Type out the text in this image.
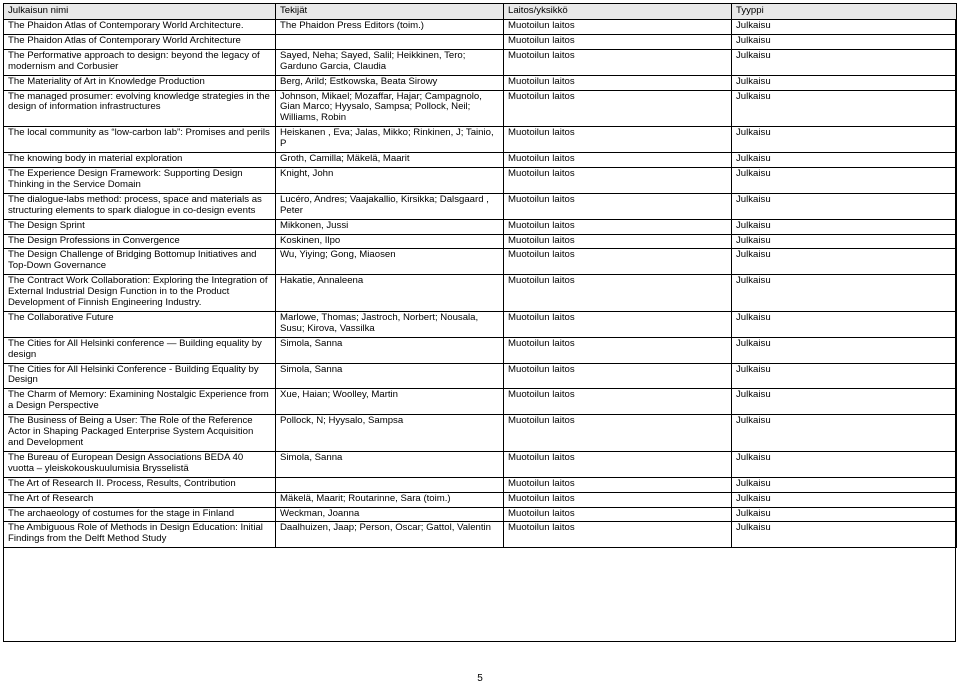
Julkaisun nimi	Tekijät	Laitos/yksikkö	Tyyppi
The Phaidon Atlas of Contemporary World Architecture.	The Phaidon Press Editors (toim.)	Muotoilun laitos	Julkaisu
The Phaidon Atlas of Contemporary World Architecture		Muotoilun laitos	Julkaisu
The Performative approach to design: beyond the legacy of modernism and Corbusier	Sayed, Neha; Sayed, Salil; Heikkinen, Tero; Garduno Garcia, Claudia	Muotoilun laitos	Julkaisu
The Materiality of Art in Knowledge Production	Berg, Arild; Estkowska, Beata Sirowy	Muotoilun laitos	Julkaisu
The managed prosumer: evolving knowledge strategies in the design of information infrastructures	Johnson, Mikael; Mozaffar, Hajar; Campagnolo, Gian Marco; Hyysalo, Sampsa; Pollock, Neil; Williams, Robin	Muotoilun laitos	Julkaisu
The local community as “low-carbon lab”: Promises and perils	Heiskanen , Eva; Jalas, Mikko; Rinkinen, J; Tainio, P	Muotoilun laitos	Julkaisu
The knowing body in material exploration	Groth, Camilla; Mäkelä, Maarit	Muotoilun laitos	Julkaisu
The Experience Design Framework: Supporting Design Thinking in the Service Domain	Knight, John	Muotoilun laitos	Julkaisu
The dialogue-labs method: process, space and materials as structuring elements to spark dialogue in co-design events	Lucéro, Andres; Vaajakallio, Kirsikka; Dalsgaard , Peter	Muotoilun laitos	Julkaisu
The Design Sprint	Mikkonen, Jussi	Muotoilun laitos	Julkaisu
The Design Professions in Convergence	Koskinen, Ilpo	Muotoilun laitos	Julkaisu
The Design Challenge of Bridging Bottomup Initiatives and Top-Down Governance	Wu, Yiying; Gong, Miaosen	Muotoilun laitos	Julkaisu
The Contract Work Collaboration: Exploring the Integration of External Industrial Design Function in to the Product Development of Finnish Engineering Industry.	Hakatie, Annaleena	Muotoilun laitos	Julkaisu
The Collaborative Future	Marlowe, Thomas; Jastroch, Norbert; Nousala, Susu; Kirova, Vassilka	Muotoilun laitos	Julkaisu
The Cities for All Helsinki conference — Building equality by design	Simola, Sanna	Muotoilun laitos	Julkaisu
The Cities for All Helsinki Conference - Building Equality by Design	Simola, Sanna	Muotoilun laitos	Julkaisu
The Charm of Memory: Examining Nostalgic Experience from a Design Perspective	Xue, Haian; Woolley, Martin	Muotoilun laitos	Julkaisu
The Business of Being a User: The Role of the Reference Actor in Shaping Packaged Enterprise System Acquisition and Development	Pollock, N; Hyysalo, Sampsa	Muotoilun laitos	Julkaisu
The Bureau of European Design Associations BEDA 40 vuotta – yleiskokouskuulumisia Brysselistä	Simola, Sanna	Muotoilun laitos	Julkaisu
The Art of Research II. Process, Results, Contribution		Muotoilun laitos	Julkaisu
The Art of Research	Mäkelä, Maarit; Routarinne, Sara (toim.)	Muotoilun laitos	Julkaisu
The archaeology of costumes for the stage in Finland	Weckman, Joanna	Muotoilun laitos	Julkaisu
The Ambiguous Role of Methods in Design Education: Initial Findings from the Delft Method Study	Daalhuizen, Jaap; Person, Oscar; Gattol, Valentin	Muotoilun laitos	Julkaisu
5
